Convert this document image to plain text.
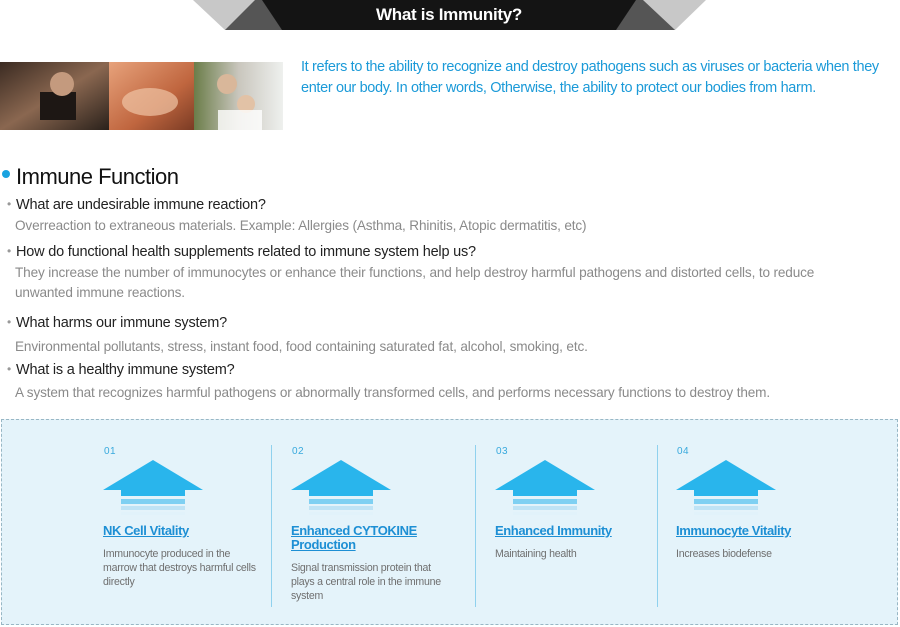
What is Immunity?
It refers to the ability to recognize and destroy pathogens such as viruses or bacteria when they enter our body. In other words, Otherwise, the ability to protect our bodies from harm.
Immune Function
• What are undesirable immune reaction?
Overreaction to extraneous materials. Example: Allergies (Asthma, Rhinitis, Atopic dermatitis, etc)
• How do functional health supplements related to immune system help us?
They increase the number of immunocytes or enhance their functions, and help destroy harmful pathogens and distorted cells, to reduce unwanted immune reactions.
• What harms our immune system?
Environmental pollutants, stress, instant food, food containing saturated fat, alcohol, smoking, etc.
• What is a healthy immune system?
A system that recognizes harmful pathogens or abnormally transformed cells, and performs necessary functions to destroy them.
01
NK Cell Vitality
Immunocyte produced in the marrow that destroys harmful cells directly
02
Enhanced CYTOKINE Production
Signal transmission protein that plays a central role in the immune system
03
Enhanced Immunity
Maintaining health
04
Immunocyte Vitality
Increases biodefense
